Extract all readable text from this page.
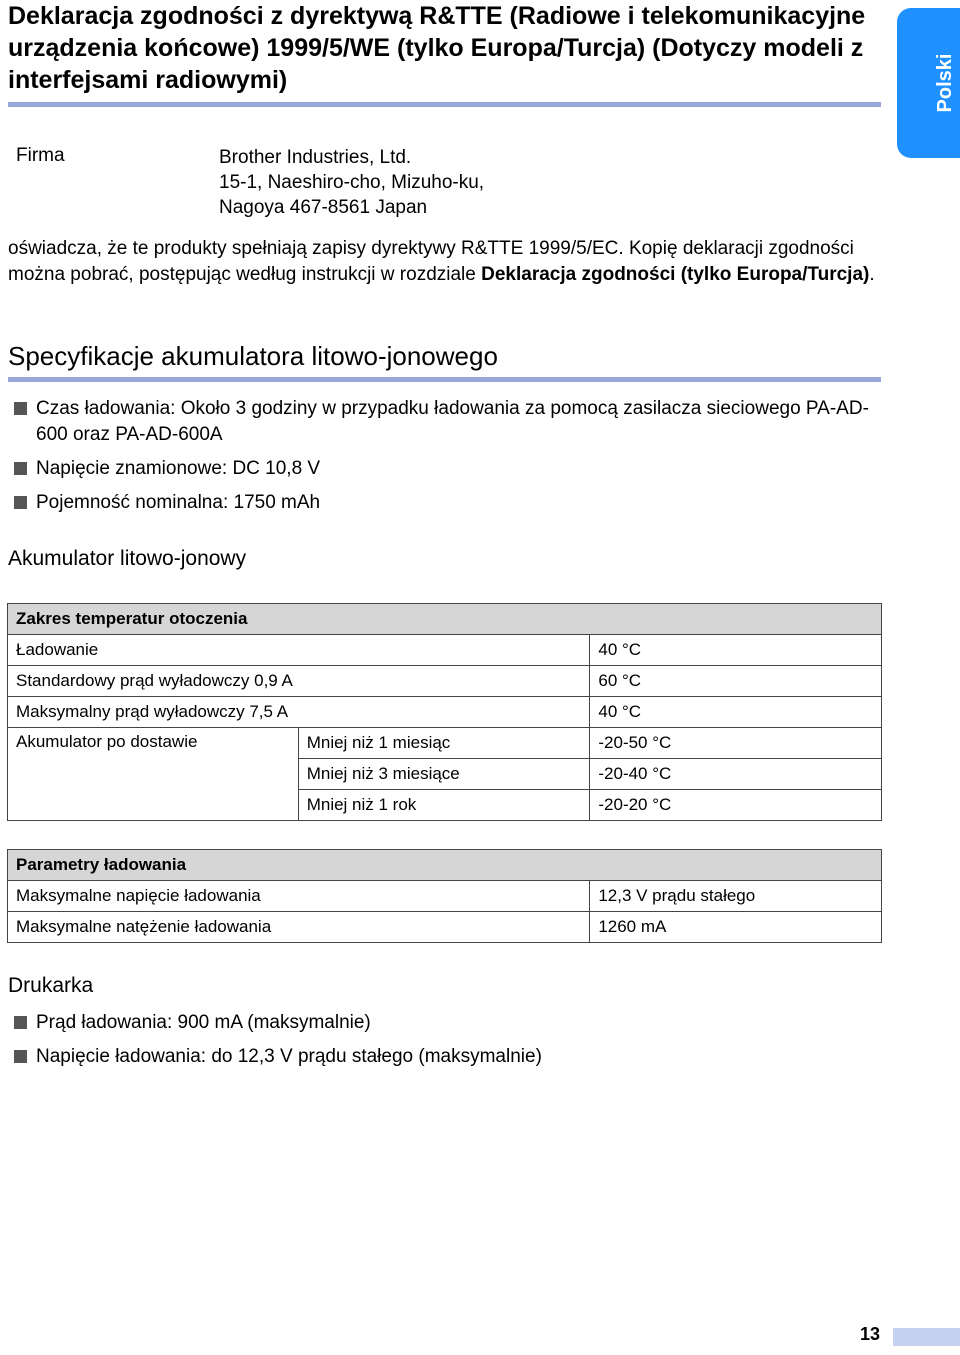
Deklaracja zgodności z dyrektywą R&TTE (Radiowe i telekomunikacyjne urządzenia końcowe) 1999/5/WE (tylko Europa/Turcja) (Dotyczy modeli z interfejsami radiowymi)	Polski
Firma	Brother Industries, Ltd.
15-1, Naeshiro-cho, Mizuho-ku,
Nagoya 467-8561 Japan

oświadcza, że te produkty spełniają zapisy dyrektywy R&TTE 1999/5/EC. Kopię deklaracji zgodności można pobrać, postępując według instrukcji w rozdziale Deklaracja zgodności (tylko Europa/Turcja).

Specyfikacje akumulatora litowo-jonowego
Czas ładowania: Około 3 godziny w przypadku ładowania za pomocą zasilacza sieciowego PA-AD-600 oraz PA-AD-600A
Napięcie znamionowe: DC 10,8 V
Pojemność nominalna: 1750 mAh
Akumulator litowo-jonowy
Zakres temperatur otoczenia		
Ładowanie		40 °C
Standardowy prąd wyładowczy 0,9 A		60 °C
Maksymalny prąd wyładowczy 7,5 A		40 °C
Akumulator po dostawie	Mniej niż 1 miesiąc	-20-50 °C
	Mniej niż 3 miesiące	-20-40 °C
	Mniej niż 1 rok	-20-20 °C
Parametry ładowania	
Maksymalne napięcie ładowania	12,3 V prądu stałego
Maksymalne natężenie ładowania	1260 mA
Drukarka
Prąd ładowania: 900 mA (maksymalnie)
Napięcie ładowania: do 12,3 V prądu stałego (maksymalnie)
13
